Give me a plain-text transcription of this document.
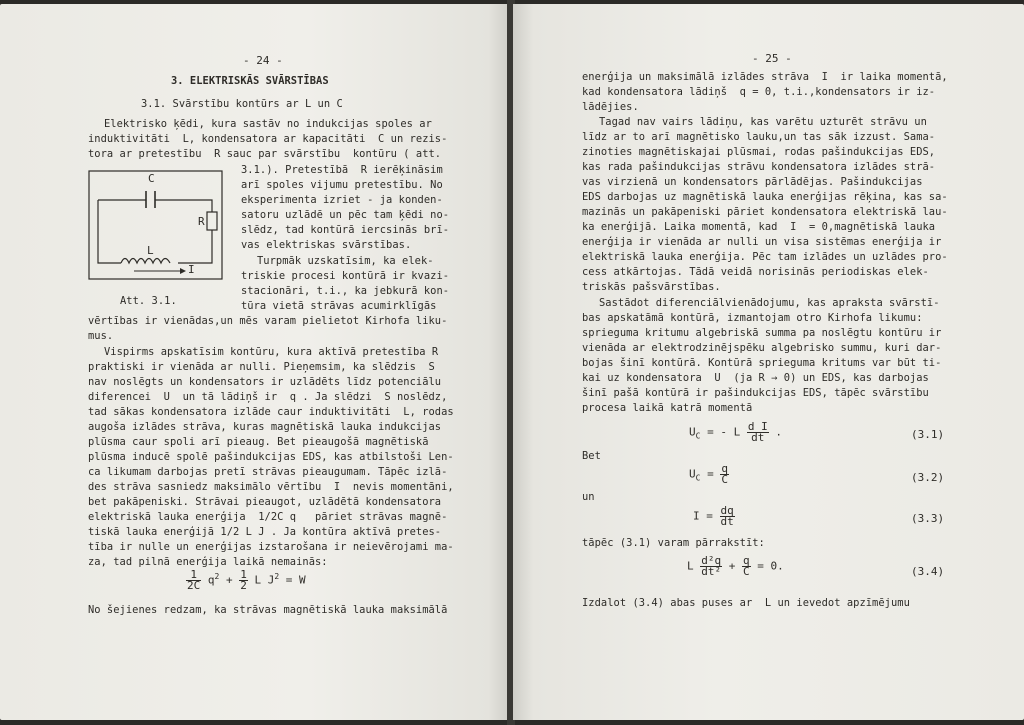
- 24 -
3. ELEKTRISKĀS SVĀRSTĪBAS
3.1. Svārstību kontūrs ar L un C
Elektrisko ķēdi, kura sastāv no indukcijas spoles ar
induktivitāti  L, kondensatora ar kapacitāti  C un rezis-
tora ar pretestību  R sauc par svārstību  kontūru ( att.
C
R
L
I
Att. 3.1.
3.1.). Pretestībā  R ierēķināsim
arī spoles vijumu pretestību. No
eksperimenta izriet - ja konden-
satoru uzlādē un pēc tam ķēdi no-
slēdz, tad kontūrā iercsinās brī-
vas elektriskas svārstības.
Turpmāk uzskatīsim, ka elek-
triskie procesi kontūrā ir kvazi-
stacionāri, t.i., ka jebkurā kon-
tūra vietā strāvas acumirklīgās
vērtības ir vienādas,un mēs varam pielietot Kirhofa liku-
mus.
Vispirms apskatīsim kontūru, kura aktīvā pretestība R
praktiski ir vienāda ar nulli. Pieņemsim, ka slēdzis  S
nav noslēgts un kondensators ir uzlādēts līdz potenciālu
diferencei  U  un tā lādiņš ir  q . Ja slēdzi  S noslēdz,
tad sākas kondensatora izlāde caur induktivitāti  L, rodas
augoša izlādes strāva, kuras magnētiskā lauka indukcijas
plūsma caur spoli arī pieaug. Bet pieaugošā magnētiskā
plūsma inducē spolē pašindukcijas EDS, kas atbilstoši Len-
ca likumam darbojas pretī strāvas pieaugumam. Tāpēc izlā-
des strāva sasniedz maksimālo vērtību  I  nevis momentāni,
bet pakāpeniski. Strāvai pieaugot, uzlādētā kondensatora
elektriskā lauka enerģija  1/2C q   pāriet strāvas magnē-
tiskā lauka enerģijā 1/2 L J . Ja kontūra aktīvā pretes-
tība ir nulle un enerģijas izstarošana ir neievērojami ma-
za, tad pilnā enerģija laikā nemainās:
$\frac{1}{2C} q^2 + \frac{1}{2}$ L $J^2 = W$
No šejienes redzam, ka strāvas magnētiskā lauka maksimālā
- 25 -
enerģija un maksimālā izlādes strāva  I  ir laika momentā,
kad kondensatora lādiņš  q = 0, t.i.,kondensators ir iz-
lādējies.
Tagad nav vairs lādiņu, kas varētu uzturēt strāvu un
līdz ar to arī magnētisko lauku,un tas sāk izzust. Sama-
zinoties magnētiskajai plūsmai, rodas pašindukcijas EDS,
kas rada pašindukcijas strāvu kondensatora izlādes strā-
vas virzienā un kondensators pārlādējas. Pašindukcijas
EDS darbojas uz magnētiskā lauka enerģijas rēķina, kas sa-
mazinās un pakāpeniski pāriet kondensatora elektriskā lau-
ka enerģijā. Laika momentā, kad  I  = 0,magnētiskā lauka
enerģija ir vienāda ar nulli un visa sistēmas enerģija ir
elektriskā lauka enerģija. Pēc tam izlādes un uzlādes pro-
cess atkārtojas. Tādā veidā norisinās periodiskas elek-
triskās pašsvārstības.
Sastādot diferenciālvienādojumu, kas apraksta svārstī-
bas apskatāmā kontūrā, izmantojam otro Kirhofa likumu:
sprieguma kritumu algebriskā summa pa noslēgtu kontūru ir
vienāda ar elektrodzinējspēku algebrisko summu, kuri dar-
bojas šinī kontūrā. Kontūrā sprieguma kritums var būt ti-
kai uz kondensatora  U  (ja R → 0) un EDS, kas darbojas
šinī pašā kontūrā ir pašindukcijas EDS, tāpēc svārstību
procesa laikā katrā momentā
$U_C$ = - L $\frac{\text{d I}}{dt}$ .	(3.1)
Bet
$U_C = \frac{q}{C}$	(3.2)
un
$I = \frac{dq}{dt}$	(3.3)
tāpēc (3.1) varam pārrakstīt:
L $\frac{\text{d²q}}{\text{dt²}} + \frac{q}{C} = 0$.	(3.4)
Izdalot (3.4) abas puses ar  L un ievedot apzīmējumu
